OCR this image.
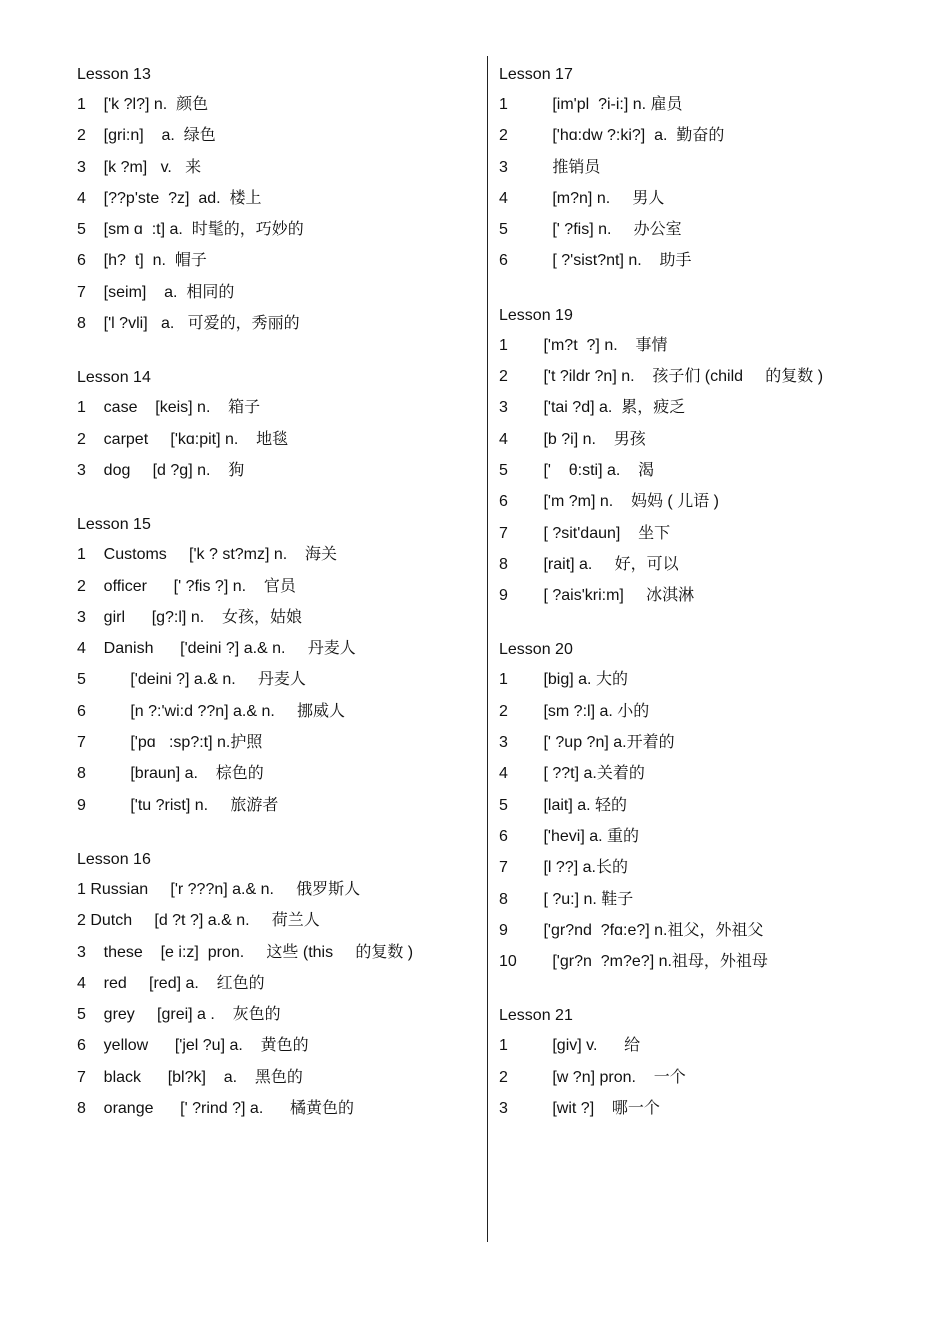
Lesson 13
1    ['k ?l?] n.  颜色
2    [gri:n]    a.  绿色
3    [k ?m]   v.   来
4    [??p'ste  ?z]  ad.  楼上
5    [sm ɑ  :t] a.  时髦的，巧妙的
6    [h?  t]  n.  帽子
7    [seim]    a.  相同的
8    ['l ?vli]   a.   可爱的，秀丽的
Lesson 14
1    case    [keis] n.    箱子
2    carpet     ['kɑ:pit] n.    地毯
3    dog     [d ?g] n.    狗
Lesson 15
1    Customs     ['k ? st?mz] n.    海关
2    officer      [' ?fis ?] n.    官员
3    girl      [g?:l] n.    女孩，姑娘
4    Danish      ['deini ?] a.& n.     丹麦人
5          ['deini ?] a.& n.     丹麦人
6          [n ?:'wi:d ??n] a.& n.     挪威人
7          ['pɑ   :sp?:t] n.护照
8          [braun] a.    棕色的
9          ['tu ?rist] n.     旅游者
Lesson 16
1 Russian     ['r ???n] a.& n.     俄罗斯人
2 Dutch     [d ?t ?] a.& n.     荷兰人
3    these    [e i:z]  pron.     这些 (this     的复数 )
4    red     [red] a.    红色的
5    grey     [grei] a .    灰色的
6    yellow      ['jel ?u] a.    黄色的
7    black      [bl?k]    a.    黑色的
8    orange      [' ?rind ?] a.      橘黄色的
Lesson 17
1          [im'pl  ?i-i:] n. 雇员
2          ['hɑ:dw ?:ki?]  a.  勤奋的
3          推销员
4          [m?n] n.     男人
5          [' ?fis] n.     办公室
6          [ ?'sist?nt] n.    助手
Lesson 19
1        ['m?t  ?] n.    事情
2        ['t ?ildr ?n] n.    孩子们 (child     的复数 )
3        ['tai ?d] a.  累，疲乏
4        [b ?i] n.    男孩
5        ['    θ:sti] a.    渴
6        ['m ?m] n.    妈妈 ( 儿语 )
7        [ ?sit'daun]    坐下
8        [rait] a.     好，可以
9        [ ?ais'kri:m]     冰淇淋
Lesson 20
1        [big] a. 大的
2        [sm ?:l] a. 小的
3        [' ?up ?n] a.开着的
4        [ ??t] a.关着的
5        [lait] a. 轻的
6        ['hevi] a. 重的
7        [l ??] a.长的
8        [ ?u:] n. 鞋子
9        ['gr?nd  ?fɑ:e?] n.祖父，外祖父
10        ['gr?n  ?m?e?] n.祖母，外祖母
Lesson 21
1          [giv] v.      给
2          [w ?n] pron.    一个
3          [wit ?]    哪一个
